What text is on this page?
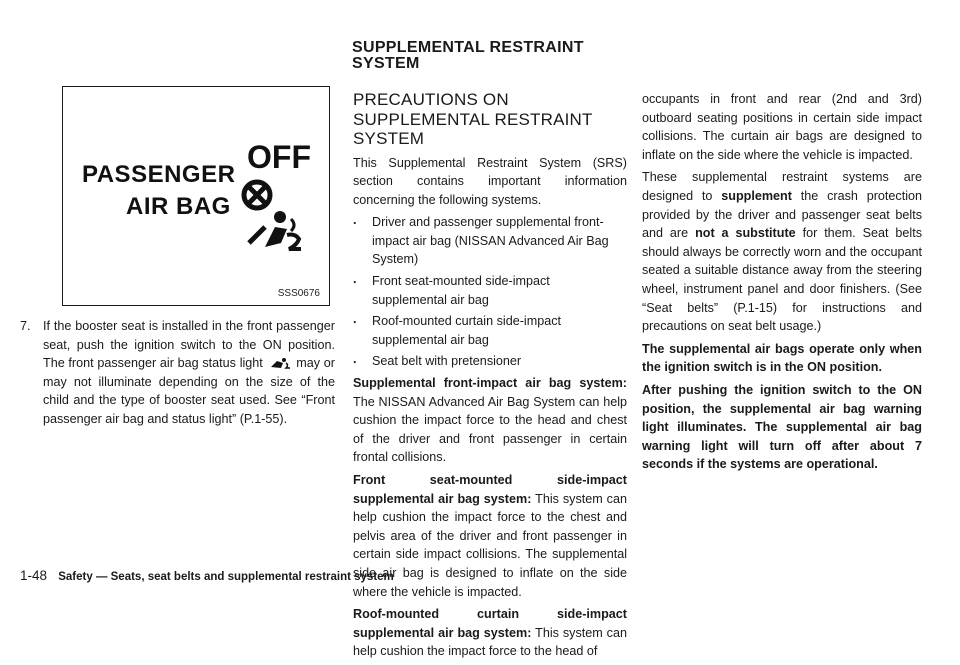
SUPPLEMENTAL RESTRAINT
SYSTEM
PASSENGER
AIR BAG
OFF
SSS0676
7. If the booster seat is installed in the front passenger seat, push the ignition switch to the ON position. The front passenger air bag status light	may or may not illuminate depending on the size of the child and the type of booster seat used. See “Front passenger air bag and status light” (P.1-55).
PRECAUTIONS ON SUPPLEMENTAL RESTRAINT SYSTEM

This Supplemental Restraint System (SRS) section contains important information concerning the following systems.

. Driver and passenger supplemental front-impact air bag (NISSAN Advanced Air Bag System)
. Front seat-mounted side-impact supplemental air bag
. Roof-mounted curtain side-impact supplemental air bag
. Seat belt with pretensioner

Supplemental front-impact air bag system: The NISSAN Advanced Air Bag System can help cushion the impact force to the head and chest of the driver and front passenger in certain frontal collisions.

Front seat-mounted side-impact supplemental air bag system: This system can help cushion the impact force to the chest and pelvis area of the driver and front passenger in certain side impact collisions. The supplemental side air bag is designed to inflate on the side where the vehicle is impacted.

Roof-mounted curtain side-impact supplemental air bag system: This system can help cushion the impact force to the head of

occupants in front and rear (2nd and 3rd) outboard seating positions in certain side impact collisions. The curtain air bags are designed to inflate on the side where the vehicle is impacted.

These supplemental restraint systems are designed to supplement the crash protection provided by the driver and passenger seat belts and are not a substitute for them. Seat belts should always be correctly worn and the occupant seated a suitable distance away from the steering wheel, instrument panel and door finishers. (See “Seat belts” (P.1-15) for instructions and precautions on seat belt usage.)

The supplemental air bags operate only when the ignition switch is in the ON position.

After pushing the ignition switch to the ON position, the supplemental air bag warning light illuminates. The supplemental air bag warning light will turn off after about 7 seconds if the systems are operational.

1-48 Safety — Seats, seat belts and supplemental restraint system
